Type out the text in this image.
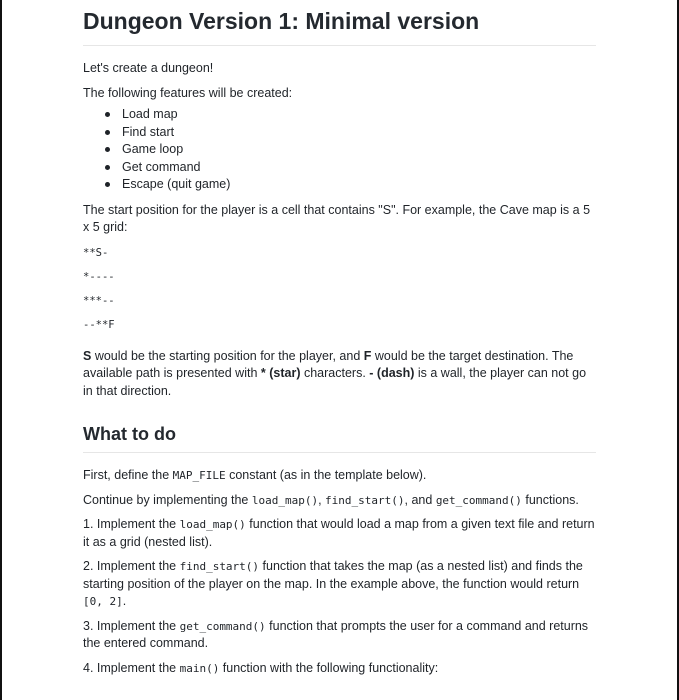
Dungeon Version 1: Minimal version

Let's create a dungeon!

The following features will be created:

Load map
Find start
Game loop
Get command
Escape (quit game)

The start position for the player is a cell that contains "S". For example, the Cave map is a 5 x 5 grid:

**S-
*----
***--
--**F

S would be the starting position for the player, and F would be the target destination. The available path is presented with * (star) characters. - (dash) is a wall, the player can not go in that direction.

What to do

First, define the MAP_FILE constant (as in the template below).

Continue by implementing the load_map(), find_start(), and get_command() functions.

1. Implement the load_map() function that would load a map from a given text file and return it as a grid (nested list).

2. Implement the find_start() function that takes the map (as a nested list) and finds the starting position of the player on the map. In the example above, the function would return [0, 2].

3. Implement the get_command() function that prompts the user for a command and returns the entered command.

4. Implement the main() function with the following functionality:
